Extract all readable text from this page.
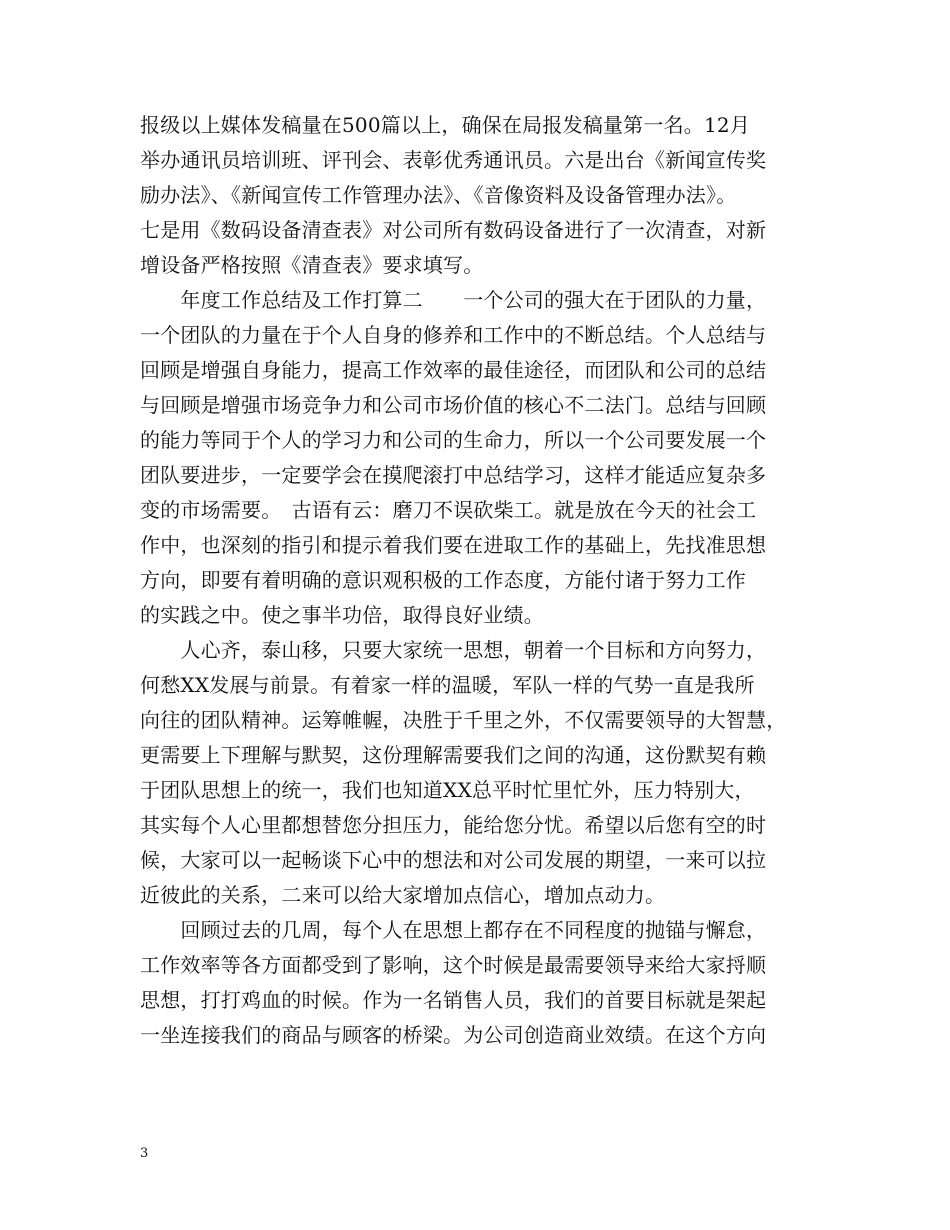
报级以上媒体发稿量在500篇以上，确保在局报发稿量第一名。12月
举办通讯员培训班、评刊会、表彰优秀通讯员。六是出台《新闻宣传奖
励办法》、《新闻宣传工作管理办法》、《音像资料及设备管理办法》。
七是用《数码设备清查表》对公司所有数码设备进行了一次清查，对新
增设备严格按照《清查表》要求填写。
　　年度工作总结及工作打算二　　一个公司的强大在于团队的力量，
一个团队的力量在于个人自身的修养和工作中的不断总结。个人总结与
回顾是增强自身能力，提高工作效率的最佳途径，而团队和公司的总结
与回顾是增强市场竞争力和公司市场价值的核心不二法门。总结与回顾
的能力等同于个人的学习力和公司的生命力，所以一个公司要发展一个
团队要进步，一定要学会在摸爬滚打中总结学习，这样才能适应复杂多
变的市场需要。　古语有云：磨刀不误砍柴工。就是放在今天的社会工
作中，也深刻的指引和提示着我们要在进取工作的基础上，先找准思想
方向，即要有着明确的意识观积极的工作态度，方能付诸于努力工作
的实践之中。使之事半功倍，取得良好业绩。
　　人心齐，泰山移，只要大家统一思想，朝着一个目标和方向努力，
何愁XX发展与前景。有着家一样的温暖，军队一样的气势一直是我所
向往的团队精神。运筹帷幄，决胜于千里之外，不仅需要领导的大智慧，
更需要上下理解与默契，这份理解需要我们之间的沟通，这份默契有赖
于团队思想上的统一，我们也知道XX总平时忙里忙外，压力特别大，
其实每个人心里都想替您分担压力，能给您分忧。希望以后您有空的时
候，大家可以一起畅谈下心中的想法和对公司发展的期望，一来可以拉
近彼此的关系，二来可以给大家增加点信心，增加点动力。
　　回顾过去的几周，每个人在思想上都存在不同程度的抛锚与懈怠，
工作效率等各方面都受到了影响，这个时候是最需要领导来给大家捋顺
思想，打打鸡血的时候。作为一名销售人员，我们的首要目标就是架起
一坐连接我们的商品与顾客的桥梁。为公司创造商业效绩。在这个方向
3
